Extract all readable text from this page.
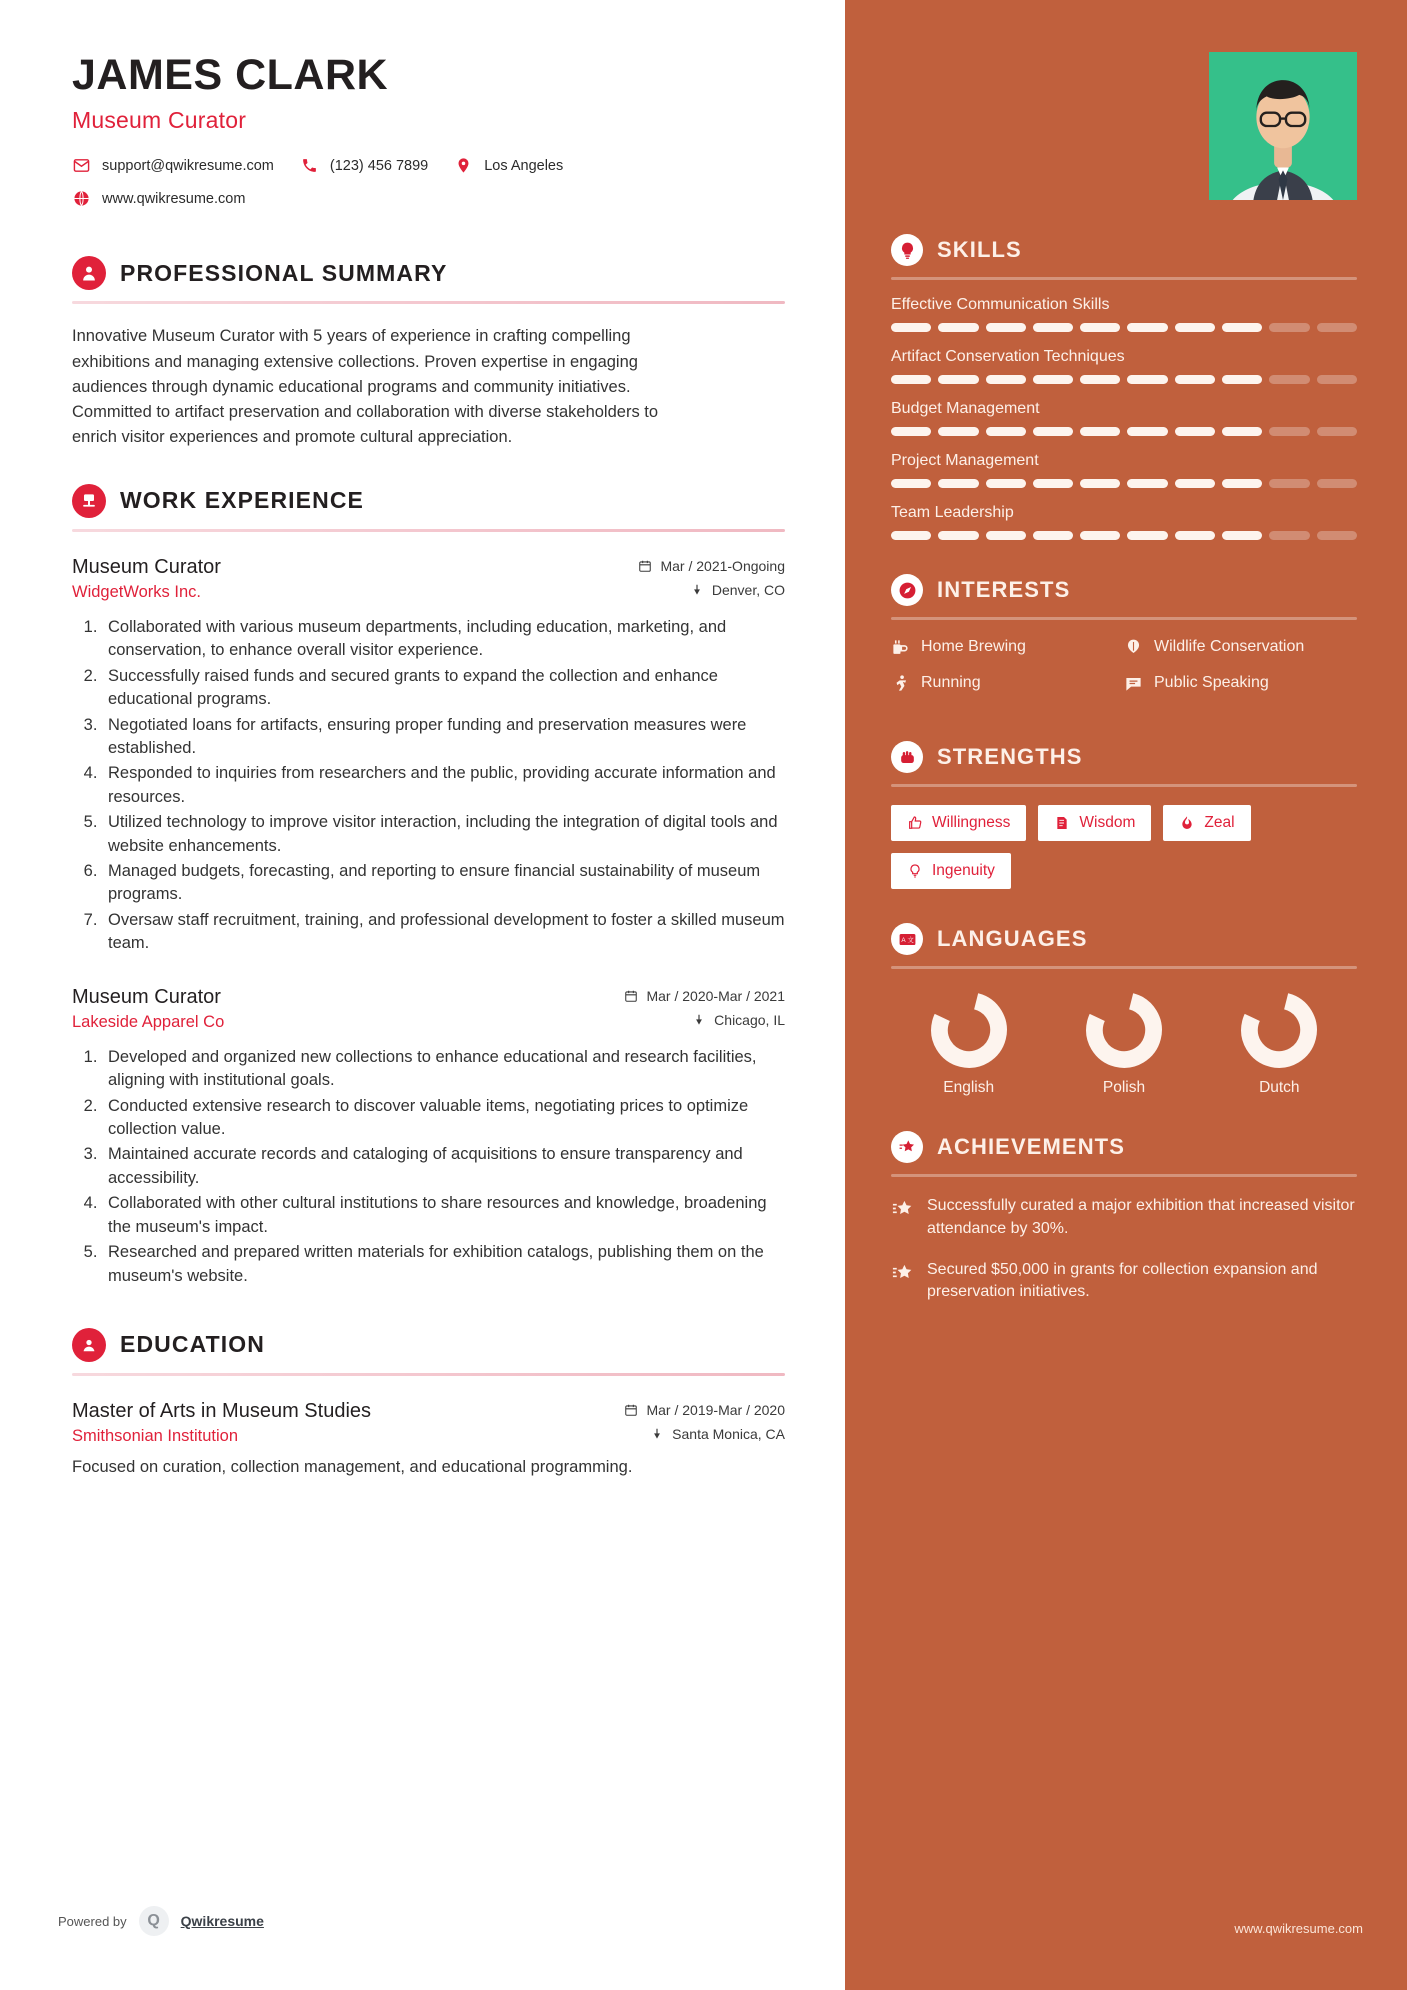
JAMES CLARK
Museum Curator
support@qwikresume.com	(123) 456 7899	Los Angeles
www.qwikresume.com
PROFESSIONAL SUMMARY

Innovative Museum Curator with 5 years of experience in crafting compelling exhibitions and managing extensive collections. Proven expertise in engaging audiences through dynamic educational programs and community initiatives. Committed to artifact preservation and collaboration with diverse stakeholders to enrich visitor experiences and promote cultural appreciation.

WORK EXPERIENCE
Museum Curator	Mar / 2021-Ongoing
WidgetWorks Inc.	Denver, CO
1. Collaborated with various museum departments, including education, marketing, and conservation, to enhance overall visitor experience.
2. Successfully raised funds and secured grants to expand the collection and enhance educational programs.
3. Negotiated loans for artifacts, ensuring proper funding and preservation measures were established.
4. Responded to inquiries from researchers and the public, providing accurate information and resources.
5. Utilized technology to improve visitor interaction, including the integration of digital tools and website enhancements.
6. Managed budgets, forecasting, and reporting to ensure financial sustainability of museum programs.
7. Oversaw staff recruitment, training, and professional development to foster a skilled museum team.
Museum Curator	Mar / 2020-Mar / 2021
Lakeside Apparel Co	Chicago, IL
1. Developed and organized new collections to enhance educational and research facilities, aligning with institutional goals.
2. Conducted extensive research to discover valuable items, negotiating prices to optimize collection value.
3. Maintained accurate records and cataloging of acquisitions to ensure transparency and accessibility.
4. Collaborated with other cultural institutions to share resources and knowledge, broadening the museum's impact.
5. Researched and prepared written materials for exhibition catalogs, publishing them on the museum's website.
EDUCATION
Master of Arts in Museum Studies	Mar / 2019-Mar / 2020
Smithsonian Institution	Santa Monica, CA

Focused on curation, collection management, and educational programming.

Powered by	Q	Qwikresume
SKILLS
Effective Communication Skills
Artifact Conservation Techniques
Budget Management
Project Management
Team Leadership
INTERESTS
Home Brewing	Wildlife Conservation
Running	Public Speaking
STRENGTHS
Willingness	Wisdom	Zeal
Ingenuity
A 文 LANGUAGES
English	Polish	Dutch
ACHIEVEMENTS
Successfully curated a major exhibition that increased visitor attendance by 30%.
Secured $50,000 in grants for collection expansion and preservation initiatives.
www.qwikresume.com
